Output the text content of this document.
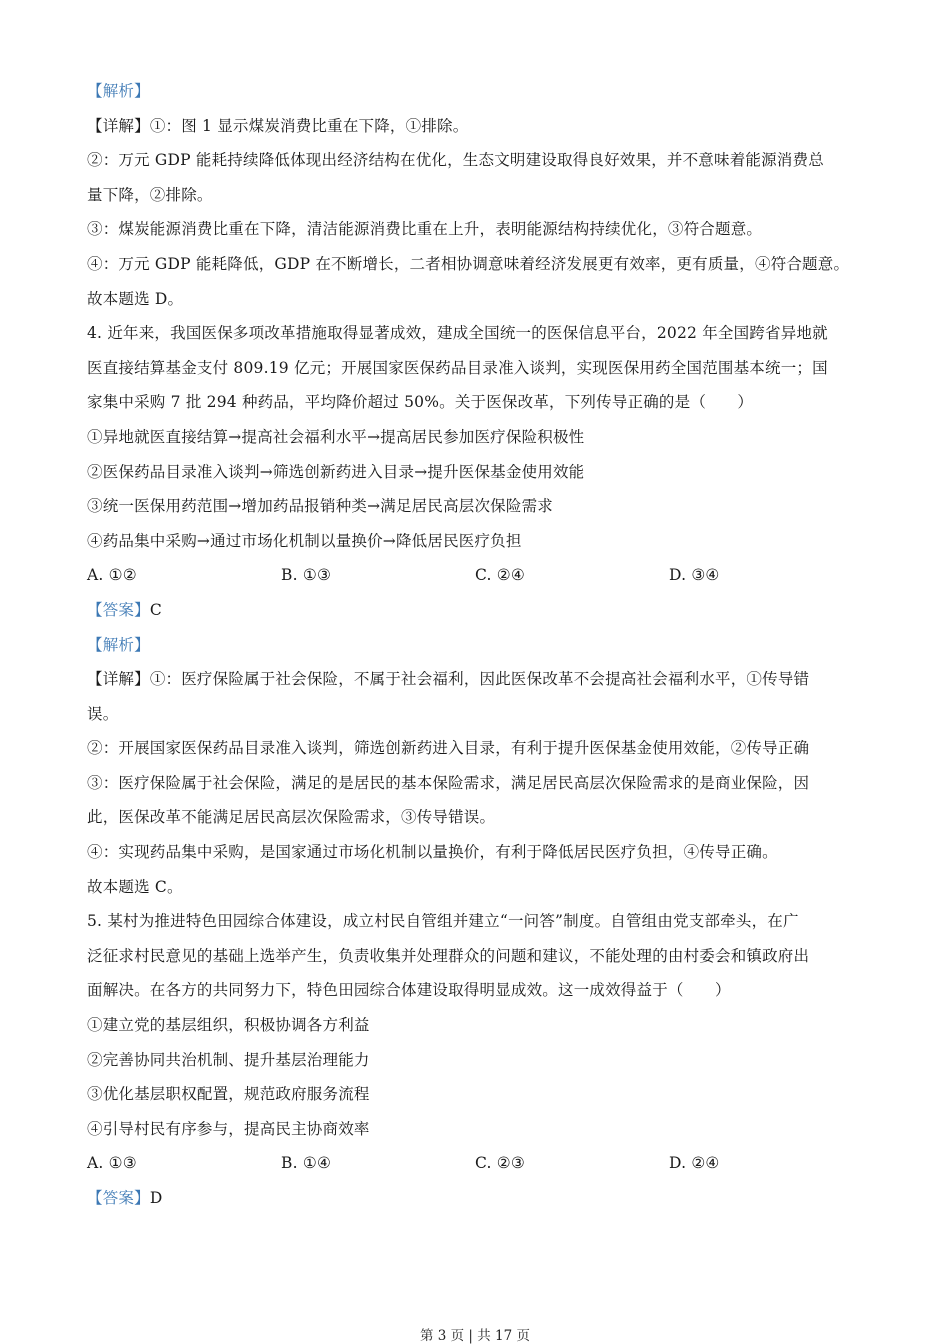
【解析】
【详解】①：图 1 显示煤炭消费比重在下降，①排除。
②：万元 GDP 能耗持续降低体现出经济结构在优化，生态文明建设取得良好效果，并不意味着能源消费总
量下降，②排除。
③：煤炭能源消费比重在下降，清洁能源消费比重在上升，表明能源结构持续优化，③符合题意。
④：万元 GDP 能耗降低，GDP 在不断增长，二者相协调意味着经济发展更有效率，更有质量，④符合题意。
故本题选 D。
4. 近年来，我国医保多项改革措施取得显著成效，建成全国统一的医保信息平台，2022 年全国跨省异地就
医直接结算基金支付 809.19 亿元；开展国家医保药品目录准入谈判，实现医保用药全国范围基本统一；国
家集中采购 7 批 294 种药品，平均降价超过 50%。关于医保改革，下列传导正确的是（　　）
①异地就医直接结算→提高社会福利水平→提高居民参加医疗保险积极性
②医保药品目录准入谈判→筛选创新药进入目录→提升医保基金使用效能
③统一医保用药范围→增加药品报销种类→满足居民高层次保险需求
④药品集中采购→通过市场化机制以量换价→降低居民医疗负担
A. ①②	B. ①③	C. ②④	D. ③④
【答案】C
【解析】
【详解】①：医疗保险属于社会保险，不属于社会福利，因此医保改革不会提高社会福利水平，①传导错
误。
②：开展国家医保药品目录准入谈判，筛选创新药进入目录，有利于提升医保基金使用效能，②传导正确
③：医疗保险属于社会保险，满足的是居民的基本保险需求，满足居民高层次保险需求的是商业保险，因
此，医保改革不能满足居民高层次保险需求，③传导错误。
④：实现药品集中采购，是国家通过市场化机制以量换价，有利于降低居民医疗负担，④传导正确。
故本题选 C。
5. 某村为推进特色田园综合体建设，成立村民自管组并建立“一问答”制度。自管组由党支部牵头，在广
泛征求村民意见的基础上选举产生，负责收集并处理群众的问题和建议，不能处理的由村委会和镇政府出
面解决。在各方的共同努力下，特色田园综合体建设取得明显成效。这一成效得益于（　　）
①建立党的基层组织，积极协调各方利益
②完善协同共治机制、提升基层治理能力
③优化基层职权配置，规范政府服务流程
④引导村民有序参与，提高民主协商效率
A. ①③	B. ①④	C. ②③	D. ②④
【答案】D
第 3 页 | 共 17 页
